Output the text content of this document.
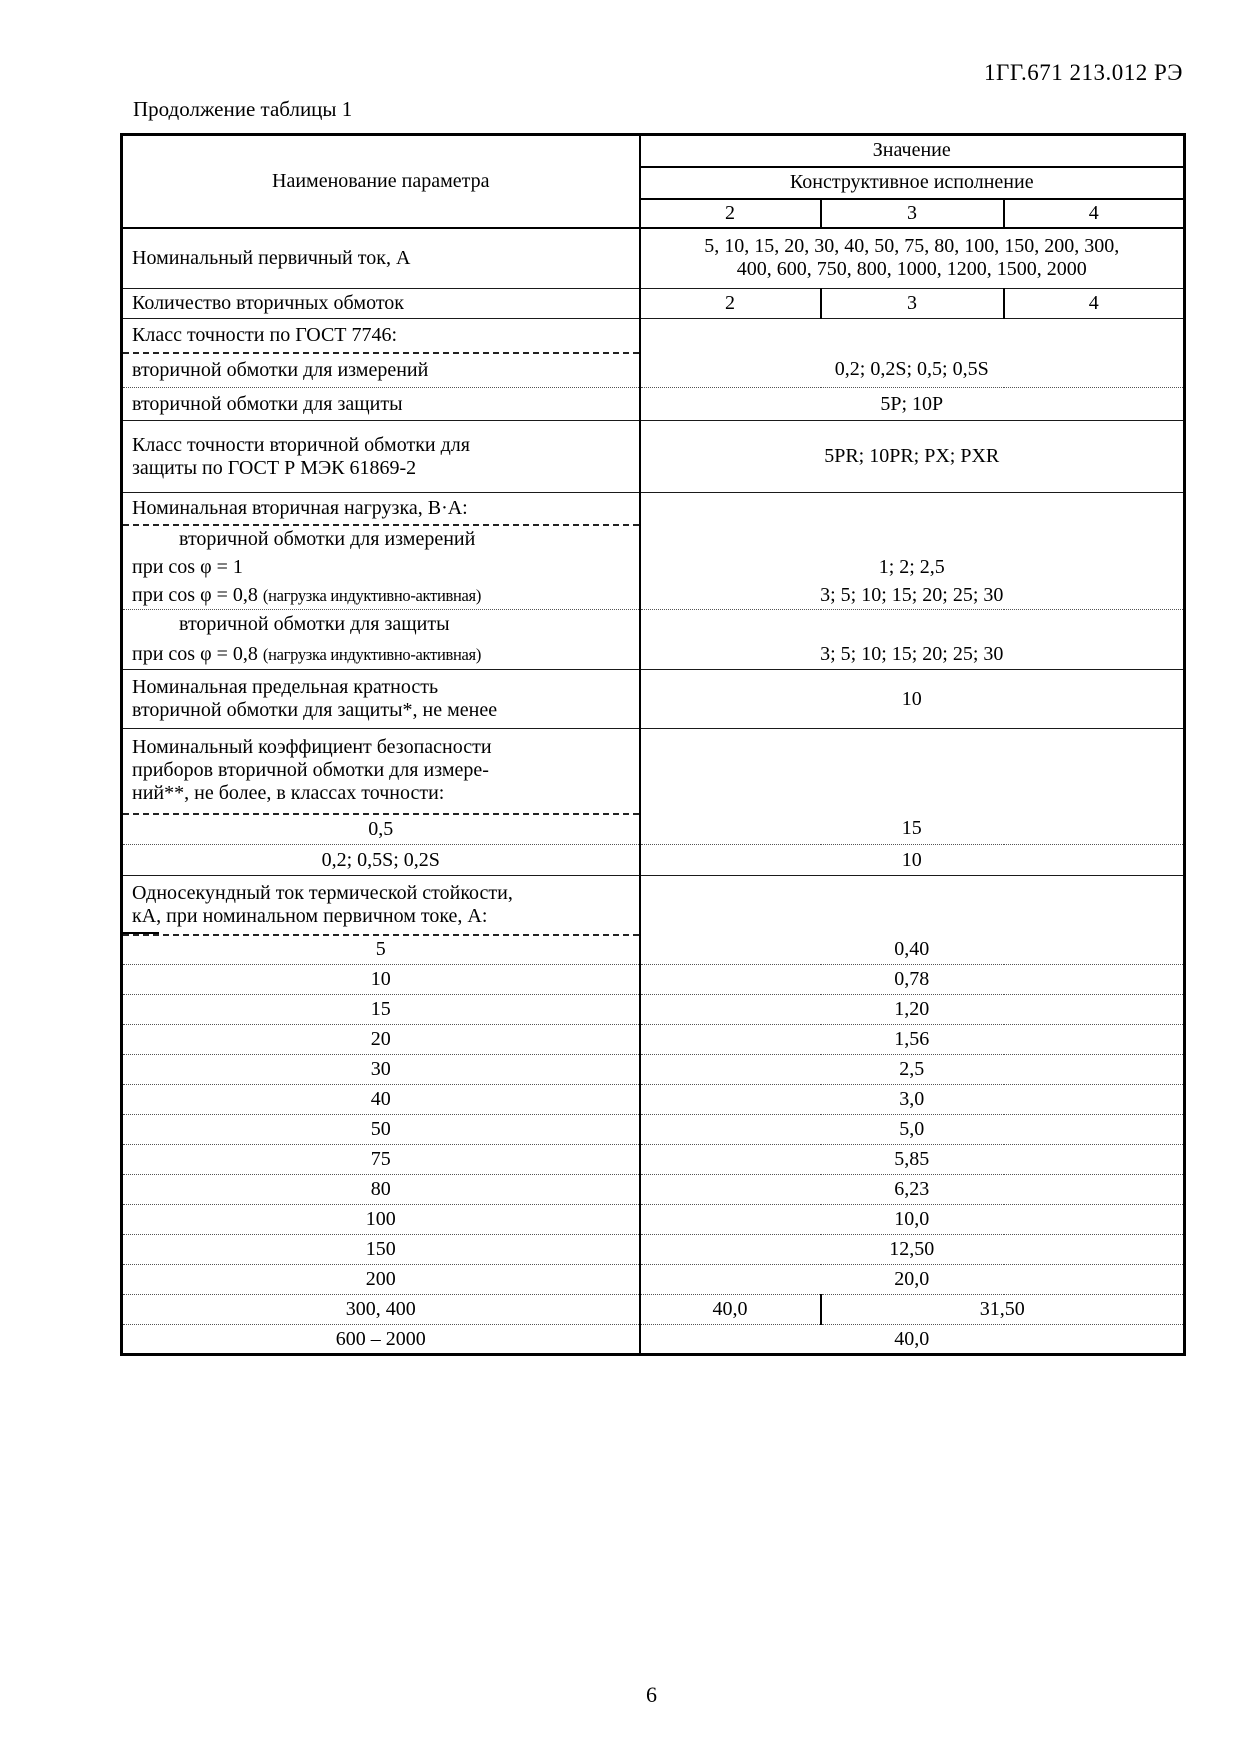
1ГГ.671 213.012 РЭ
Продолжение таблицы 1
Наименование параметра	Значение		
	Конструктивное исполнение		
	2	3	4
Номинальный первичный ток, А	5, 10, 15, 20, 30, 40, 50, 75, 80, 100, 150, 200, 300,
400, 600, 750, 800, 1000, 1200, 1500, 2000		

Количество вторичных обмоток	2	3	4
Класс точности по ГОСТ 7746:			
вторичной обмотки для измерений	0,2; 0,2S; 0,5; 0,5S		
вторичной обмотки для защиты	5P; 10P		

Класс точности вторичной обмотки для
защиты по ГОСТ Р МЭК 61869-2	5PR; 10PR; PX; PXR		
Номинальная вторичная нагрузка, В·А:			
вторичной обмотки для измерений			
при cos φ = 1	1; 2; 2,5		
при cos φ = 0,8 (нагрузка индуктивно-активная)	3; 5; 10; 15; 20; 25; 30		
вторичной обмотки для защиты			
при cos φ = 0,8 (нагрузка индуктивно-активная)	3; 5; 10; 15; 20; 25; 30		

Номинальная предельная кратность
вторичной обмотки для защиты*, не менее	10		

Номинальный коэффициент безопасности
приборов вторичной обмотки для измере-
ний**, не более, в классах точности:			

0,5	15		
0,2; 0,5S; 0,2S	10		

Односекундный ток термической стойкости,
кА, при номинальном первичном токе, А:			

5	0,40		
10	0,78		
15	1,20		
20	1,56		
30	2,5		
40	3,0		
50	5,0		
75	5,85		
80	6,23		
100	10,0		
150	12,50		
200	20,0		
300, 400	40,0	31,50	
600 – 2000	40,0		
6
